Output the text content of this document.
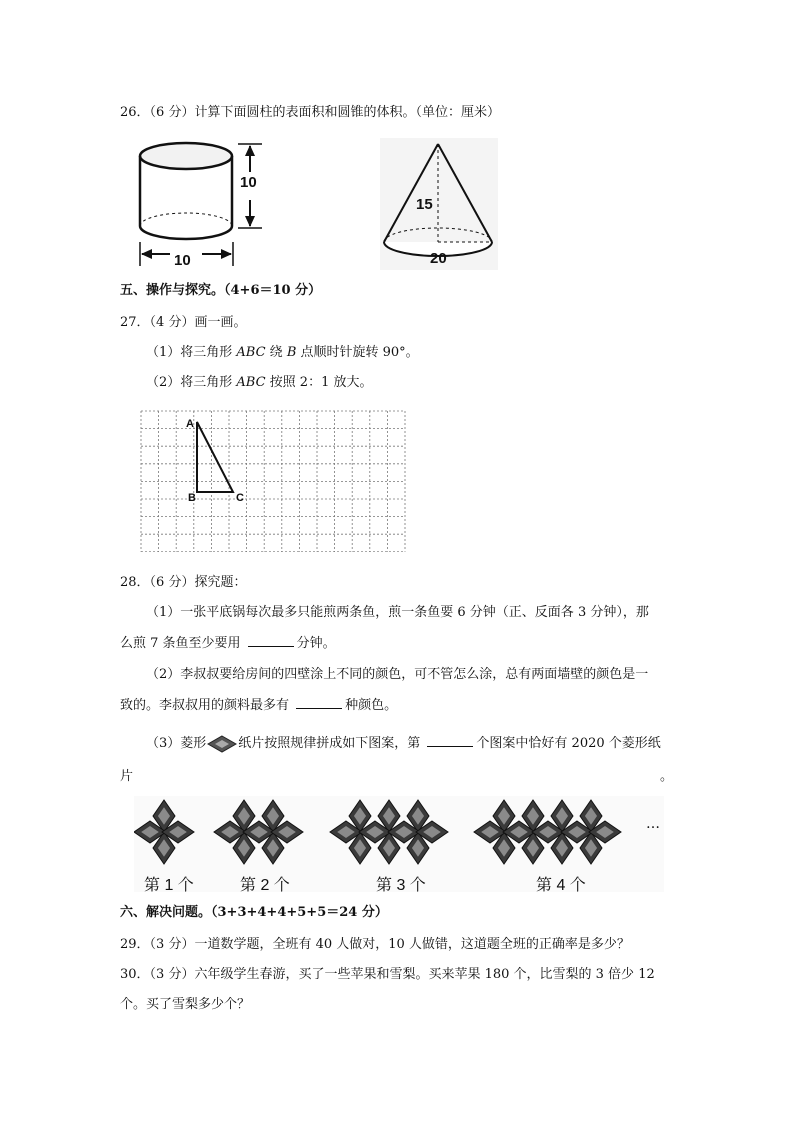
26．（6 分）计算下面圆柱的表面积和圆锥的体积。（单位：厘米）
10
10
15
20
五、操作与探究。（4+6＝10 分）
27．（4 分）画一画。
（1）将三角形 ABC 绕 B 点顺时针旋转 90°。
（2）将三角形 ABC 按照 2：1 放大。
A
B	C
28．（6 分）探究题：
（1）一张平底锅每次最多只能煎两条鱼，煎一条鱼要 6 分钟（正、反面各 3 分钟），那
么煎 7 条鱼至少要用	分钟。
（2）李叔叔要给房间的四壁涂上不同的颜色，可不管怎么涂，总有两面墙壁的颜色是一
致的。李叔叔用的颜料最多有	种颜色。
（3）菱形 纸片按照规律拼成如下图案，第	个图案中恰好有 2020 个菱形纸
片	。
…
第 1 个	第 2 个	第 3 个	第 4 个
六、解决问题。（3+3+4+4+5+5＝24 分）
29．（3 分）一道数学题，全班有 40 人做对，10 人做错，这道题全班的正确率是多少？
30．（3 分）六年级学生春游，买了一些苹果和雪梨。买来苹果 180 个，比雪梨的 3 倍少 12
个。买了雪梨多少个？
